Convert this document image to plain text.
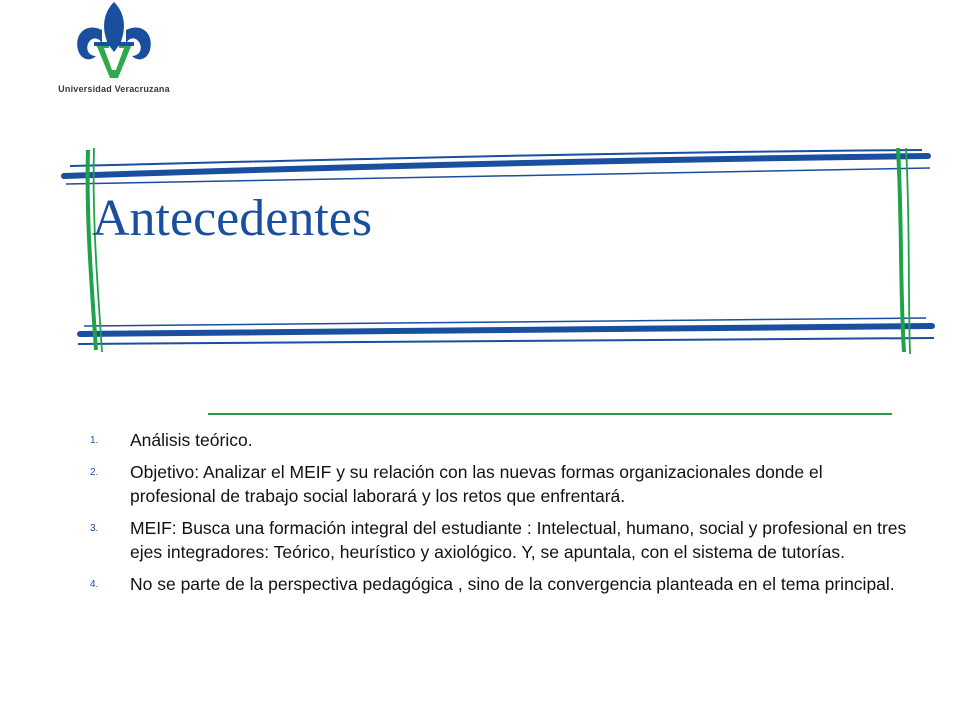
Universidad Veracruzana
Antecedentes
1.	Análisis teórico.
2.	Objetivo: Analizar el MEIF y su relación con las nuevas formas organizacionales donde el profesional de trabajo social laborará y los retos que enfrentará.
3.	MEIF: Busca una formación integral del estudiante : Intelectual, humano, social y profesional en tres ejes integradores: Teórico, heurístico y axiológico. Y, se apuntala, con el sistema de tutorías.
4.	No se parte de la perspectiva pedagógica , sino de la convergencia planteada en el tema principal.
